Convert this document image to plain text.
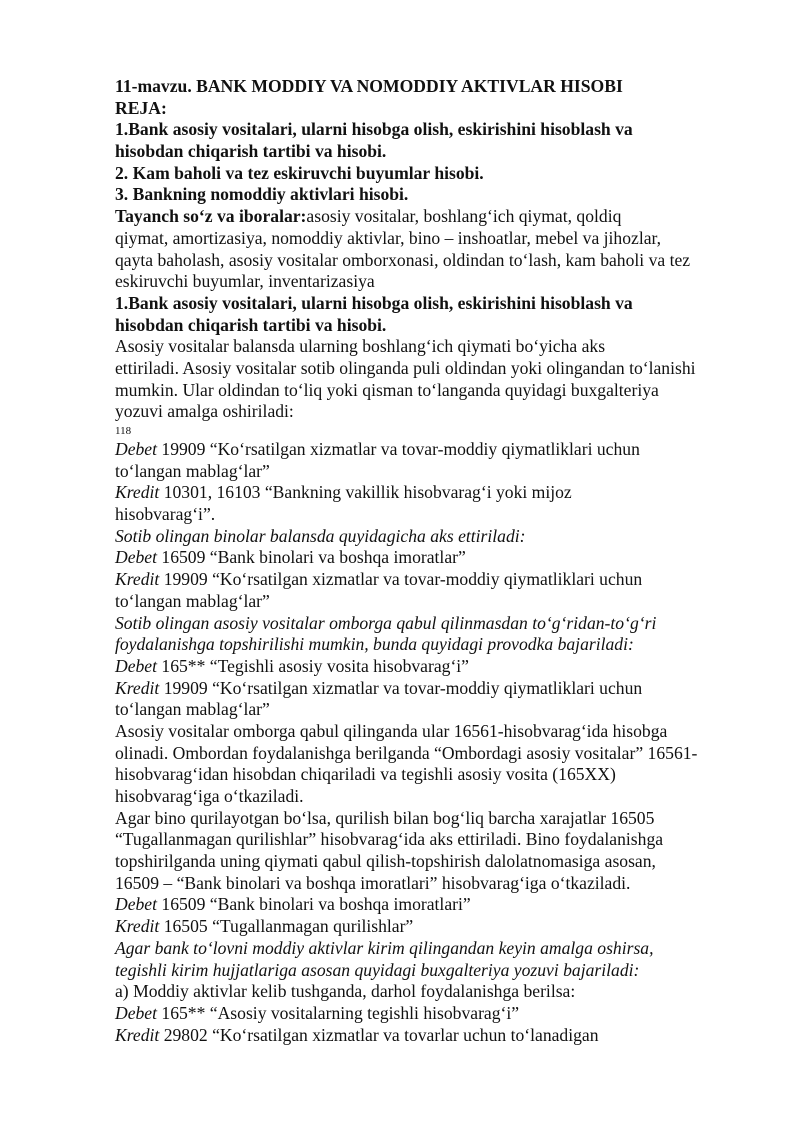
11-mavzu. BANK MODDIY VA NOMODDIY AKTIVLAR HISOBI
REJA:
1.Bank asosiy vositalari, ularni hisobga olish, eskirishini hisoblash va
hisobdan chiqarish tartibi va hisobi.
2. Kam baholi va tez eskiruvchi buyumlar hisobi.
3. Bankning nomoddiy aktivlari hisobi.
Tayanch so‘z va iboralar:asosiy vositalar, boshlang‘ich qiymat, qoldiq
qiymat, amortizasiya, nomoddiy aktivlar, bino – inshoatlar, mebel va jihozlar,
qayta baholash, asosiy vositalar omborxonasi, oldindan to‘lash, kam baholi va tez
eskiruvchi buyumlar, inventarizasiya
1.Bank asosiy vositalari, ularni hisobga olish, eskirishini hisoblash va
hisobdan chiqarish tartibi va hisobi.
Asosiy vositalar balansda ularning boshlang‘ich qiymati bo‘yicha aks
ettiriladi. Asosiy vositalar sotib olinganda puli oldindan yoki olingandan to‘lanishi
mumkin. Ular oldindan to‘liq yoki qisman to‘langanda quyidagi buxgalteriya
yozuvi amalga oshiriladi:
118
Debet 19909 “Ko‘rsatilgan xizmatlar va tovar-moddiy qiymatliklari uchun
to‘langan mablag‘lar”
Kredit 10301, 16103 “Bankning vakillik hisobvarag‘i yoki mijoz
hisobvarag‘i”.
Sotib olingan binolar balansda quyidagicha aks ettiriladi:
Debet 16509 “Bank binolari va boshqa imoratlar”
Kredit 19909 “Ko‘rsatilgan xizmatlar va tovar-moddiy qiymatliklari uchun
to‘langan mablag‘lar”
Sotib olingan asosiy vositalar omborga qabul qilinmasdan to‘g‘ridan-to‘g‘ri
foydalanishga topshirilishi mumkin, bunda quyidagi provodka bajariladi:
Debet 165** “Tegishli asosiy vosita hisobvarag‘i”
Kredit 19909 “Ko‘rsatilgan xizmatlar va tovar-moddiy qiymatliklari uchun
to‘langan mablag‘lar”
Asosiy vositalar omborga qabul qilinganda ular 16561-hisobvarag‘ida hisobga
olinadi. Ombordan foydalanishga berilganda “Ombordagi asosiy vositalar” 16561-
hisobvarag‘idan hisobdan chiqariladi va tegishli asosiy vosita (165XX)
hisobvarag‘iga o‘tkaziladi.
Agar bino qurilayotgan bo‘lsa, qurilish bilan bog‘liq barcha xarajatlar 16505
“Tugallanmagan qurilishlar” hisobvarag‘ida aks ettiriladi. Bino foydalanishga
topshirilganda uning qiymati qabul qilish-topshirish dalolatnomasiga asosan,
16509 – “Bank binolari va boshqa imoratlari” hisobvarag‘iga o‘tkaziladi.
Debet 16509 “Bank binolari va boshqa imoratlari”
Kredit 16505 “Tugallanmagan qurilishlar”
Agar bank to‘lovni moddiy aktivlar kirim qilingandan keyin amalga oshirsa,
tegishli kirim hujjatlariga asosan quyidagi buxgalteriya yozuvi bajariladi:
a) Moddiy aktivlar kelib tushganda, darhol foydalanishga berilsa:
Debet 165** “Asosiy vositalarning tegishli hisobvarag‘i”
Kredit 29802 “Ko‘rsatilgan xizmatlar va tovarlar uchun to‘lanadigan
